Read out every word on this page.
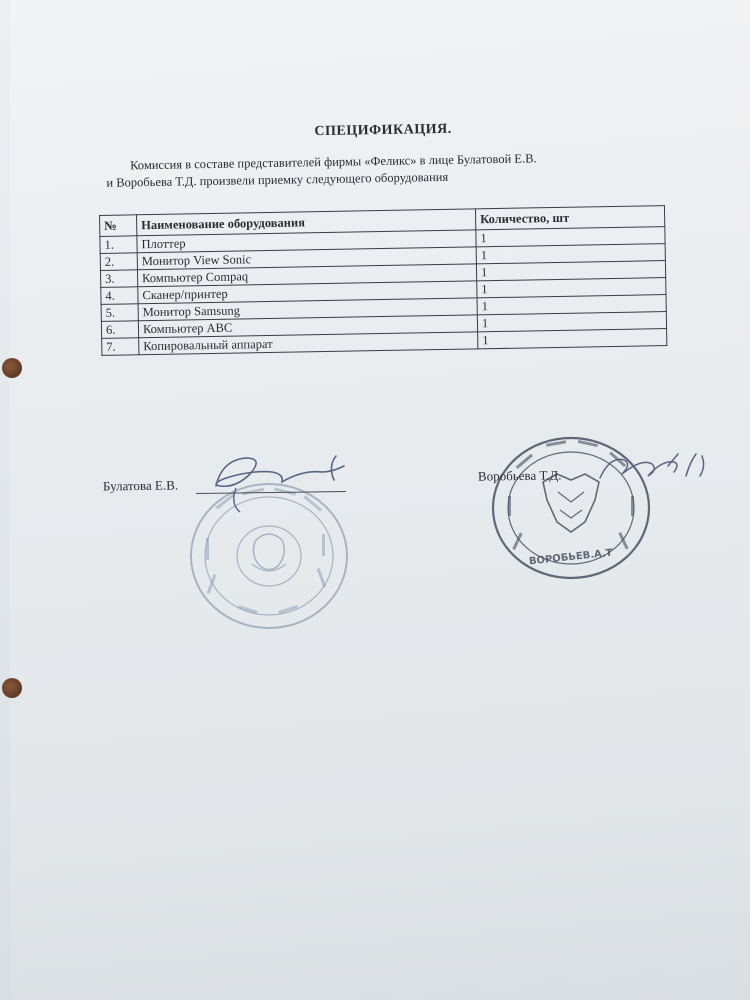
СПЕЦИФИКАЦИЯ.
Комиссия в составе представителей фирмы «Феликс» в лице Булатовой Е.В.
и Воробьева Т.Д. произвели приемку следующего оборудования
№	Наименование оборудования	Количество, шт
1.	Плоттер	1
2.	Монитор View Sonic	1
3.	Компьютер Compaq	1
4.	Сканер/принтер	1
5.	Монитор Samsung	1
6.	Компьютер ABC	1
7.	Копировальный аппарат	1
ВОРОБЬЕВ.А.Т
Булатова Е.В.
Воробьева Т.Д.
